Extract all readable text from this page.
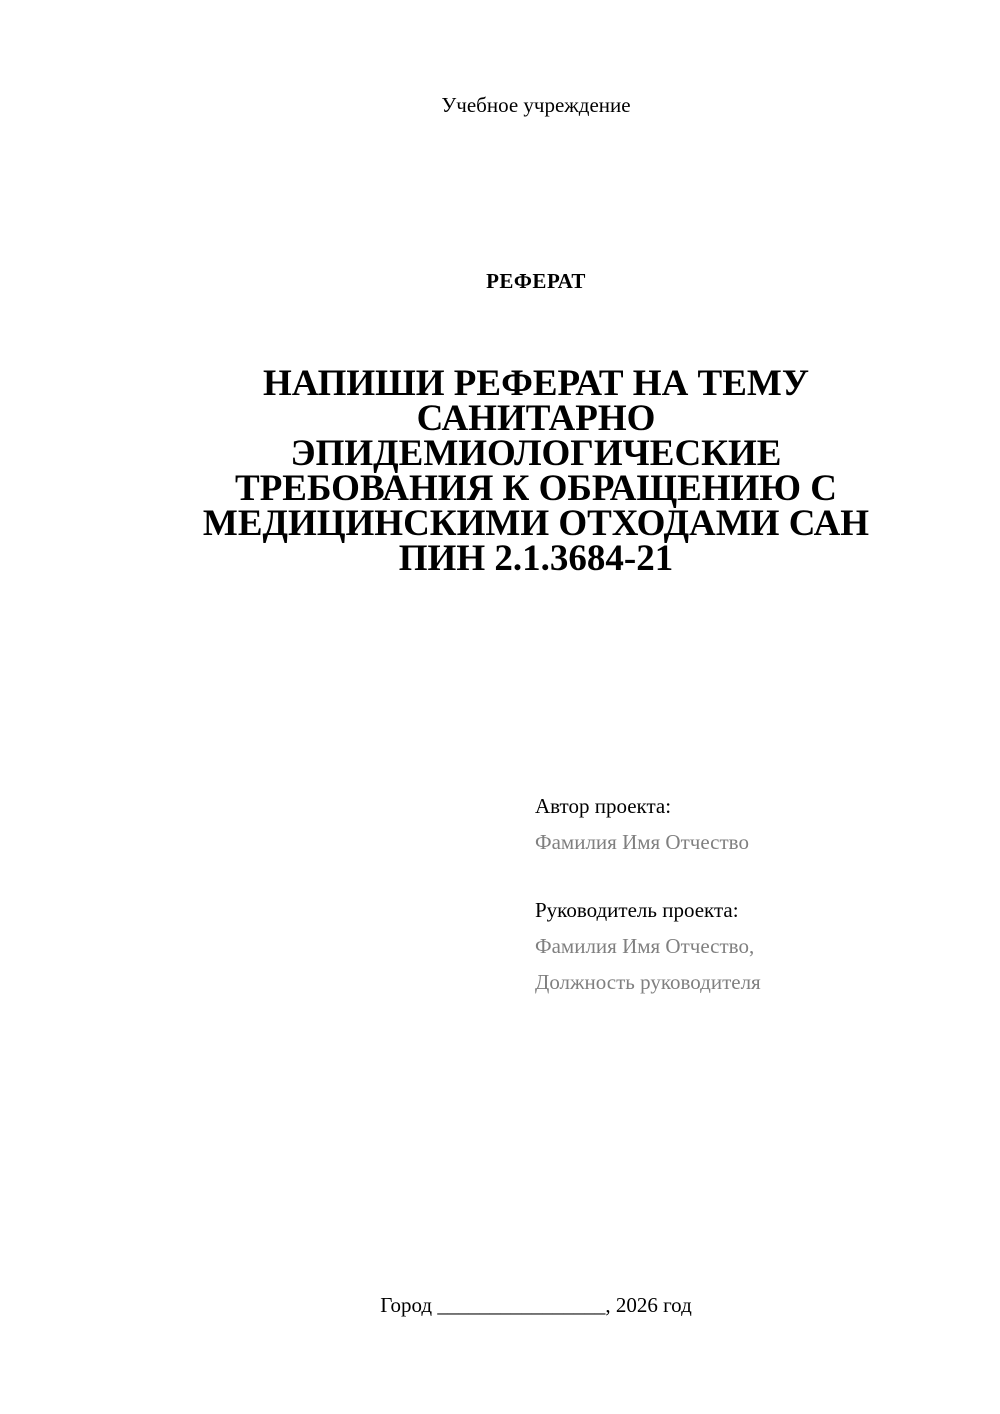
Учебное учреждение
РЕФЕРАТ
НАПИШИ РЕФЕРАТ НА ТЕМУ САНИТАРНО ЭПИДЕМИОЛОГИЧЕСКИЕ ТРЕБОВАНИЯ К ОБРАЩЕНИЮ С МЕДИЦИНСКИМИ ОТХОДАМИ САН ПИН 2.1.3684-21
Автор проекта:
Фамилия Имя Отчество
Руководитель проекта:
Фамилия Имя Отчество,
Должность руководителя
Город ________________, 2026 год
